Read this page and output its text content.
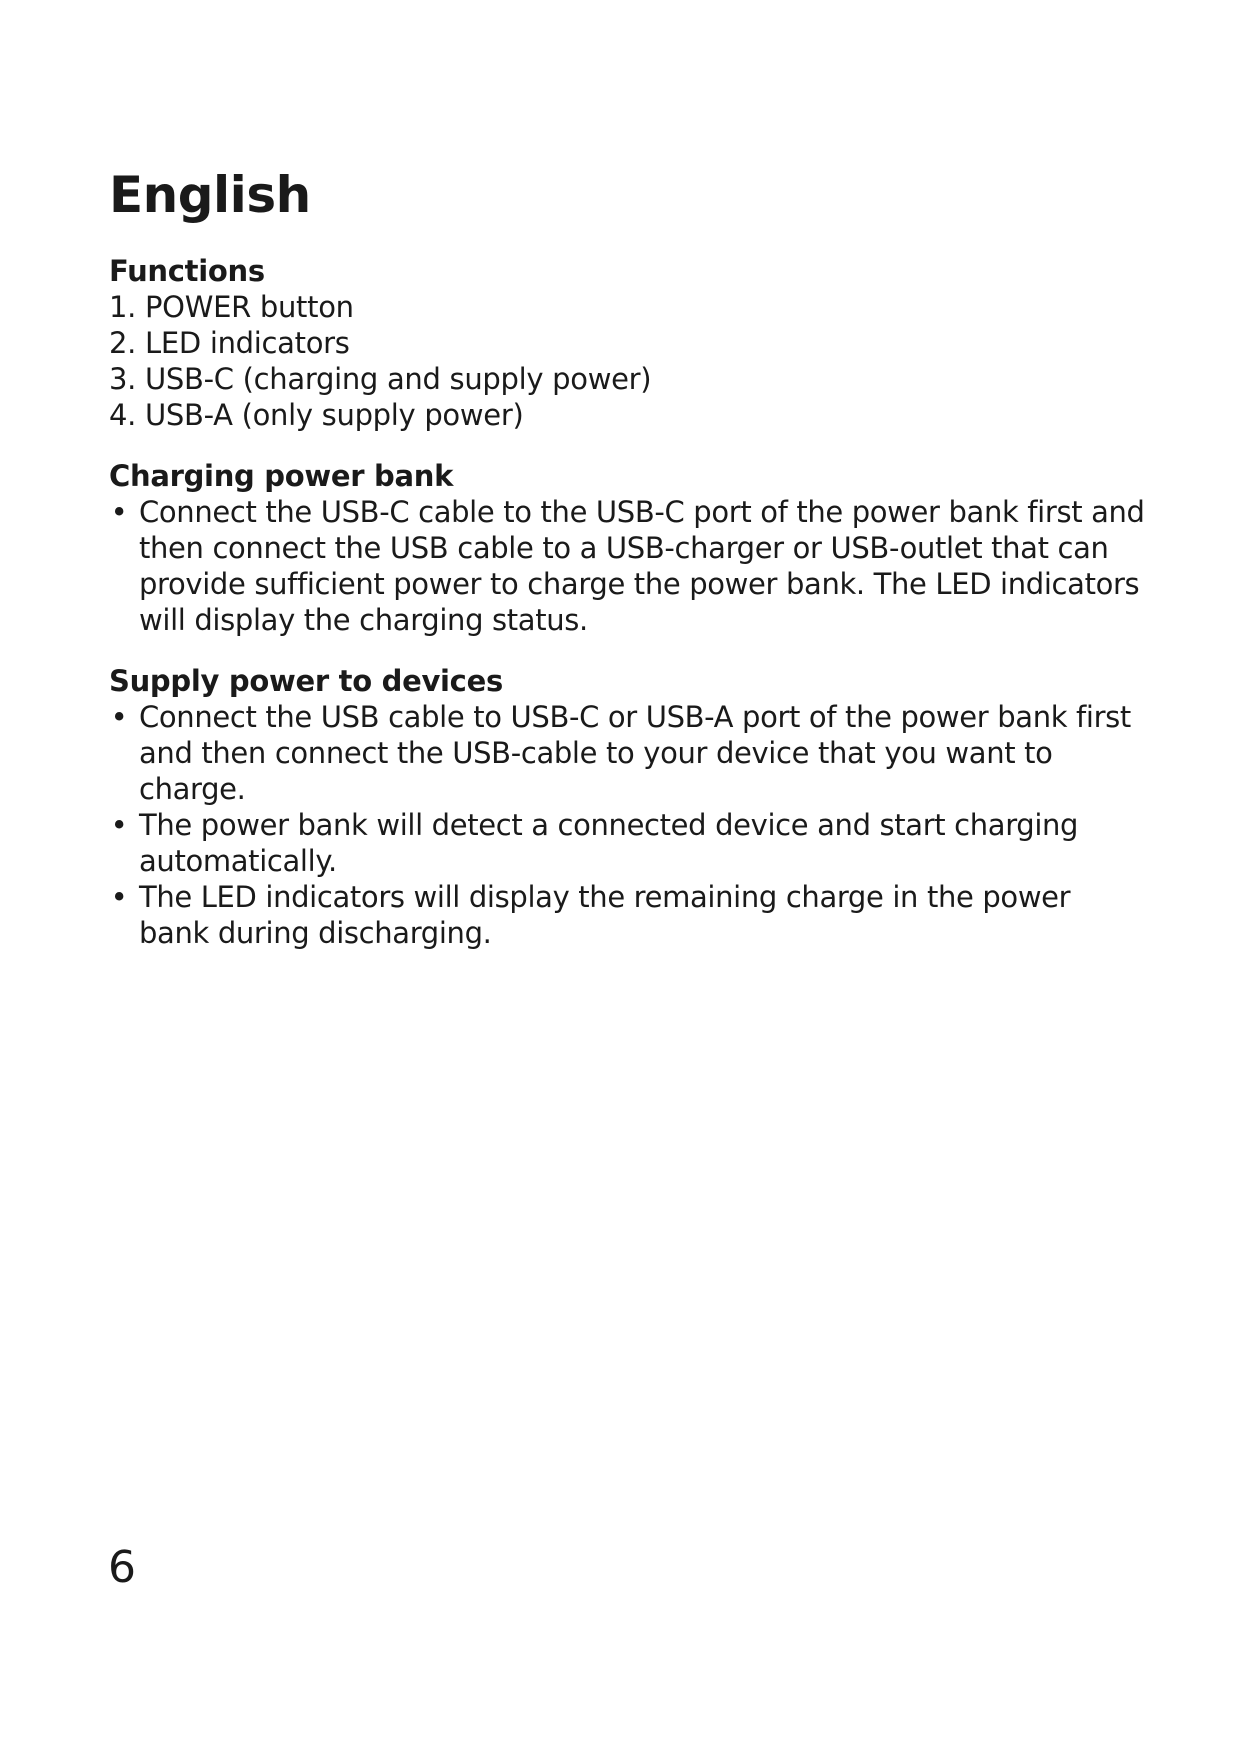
English
Functions
1. POWER button
2. LED indicators
3. USB-C (charging and supply power)
4. USB-A (only supply power)
Charging power bank
• Connect the USB-C cable to the USB-C port of the power bank first and then connect the USB cable to a USB-charger or USB-outlet that can provide sufficient power to charge the power bank. The LED indicators will display the charging status.
Supply power to devices
• Connect the USB cable to USB-C or USB-A port of the power bank first and then connect the USB-cable to your device that you want to charge.
• The power bank will detect a connected device and start charging automatically.
• The LED indicators will display the remaining charge in the power bank during discharging.
6
